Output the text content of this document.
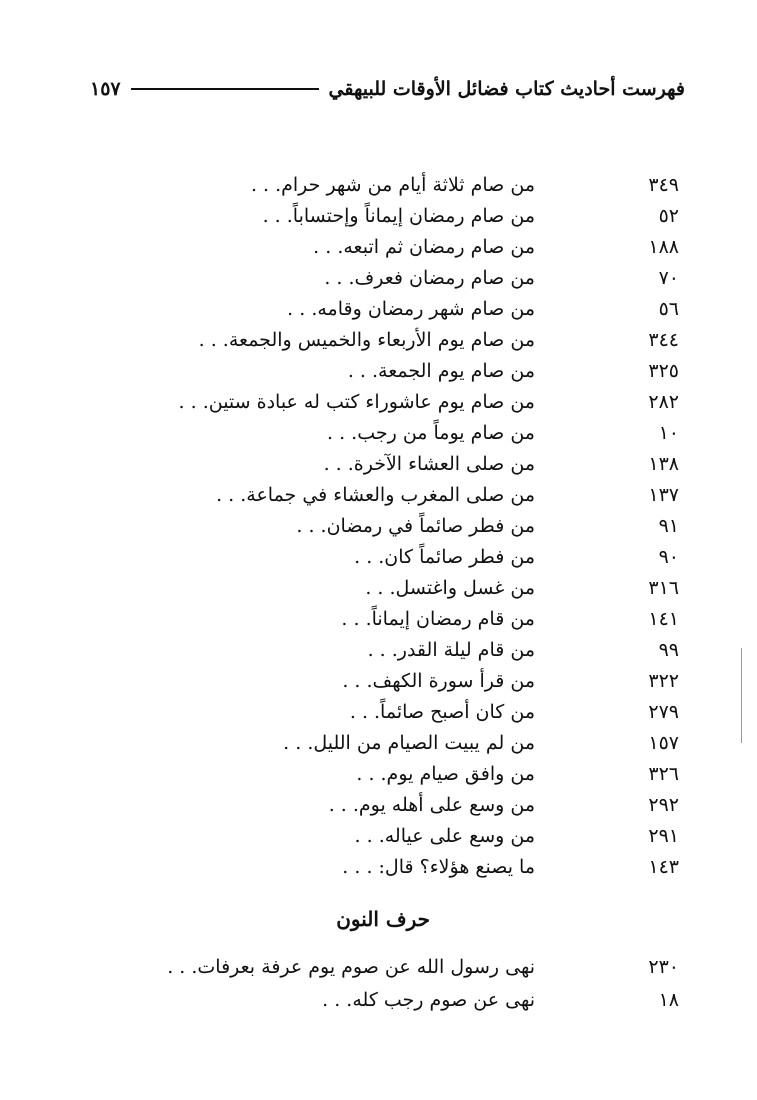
فهرست أحاديث كتاب فضائل الأوقات للبيهقي
١٥٧
٣٤٩
من صام ثلاثة أيام من شهر حرام. . .
٥٢
من صام رمضان إيماناً وإحتساباً. . .
١٨٨
من صام رمضان ثم اتبعه. . .
٧٠
من صام رمضان فعرف. . .
٥٦
من صام شهر رمضان وقامه. . .
٣٤٤
من صام يوم الأربعاء والخميس والجمعة. . .
٣٢٥
من صام يوم الجمعة. . .
٢٨٢
من صام يوم عاشوراء كتب له عبادة ستين. . .
١٠
من صام يوماً من رجب. . .
١٣٨
من صلى العشاء الآخرة. . .
١٣٧
من صلى المغرب والعشاء في جماعة. . .
٩١
من فطر صائماً في رمضان. . .
٩٠
من فطر صائماً كان. . .
٣١٦
من غسل واغتسل. . .
١٤١
من قام رمضان إيماناً. . .
٩٩
من قام ليلة القدر. . .
٣٢٢
من قرأ سورة الكهف. . .
٢٧٩
من كان أصبح صائماً. . .
١٥٧
من لم يبيت الصيام من الليل. . .
٣٢٦
من وافق صيام يوم. . .
٢٩٢
من وسع على أهله يوم. . .
٢٩١
من وسع على عياله. . .
١٤٣
ما يصنع هؤلاء؟ قال: . . .
حرف النون
٢٣٠
نهى رسول الله عن صوم يوم عرفة بعرفات. . .
١٨
نهى عن صوم رجب كله. . .
